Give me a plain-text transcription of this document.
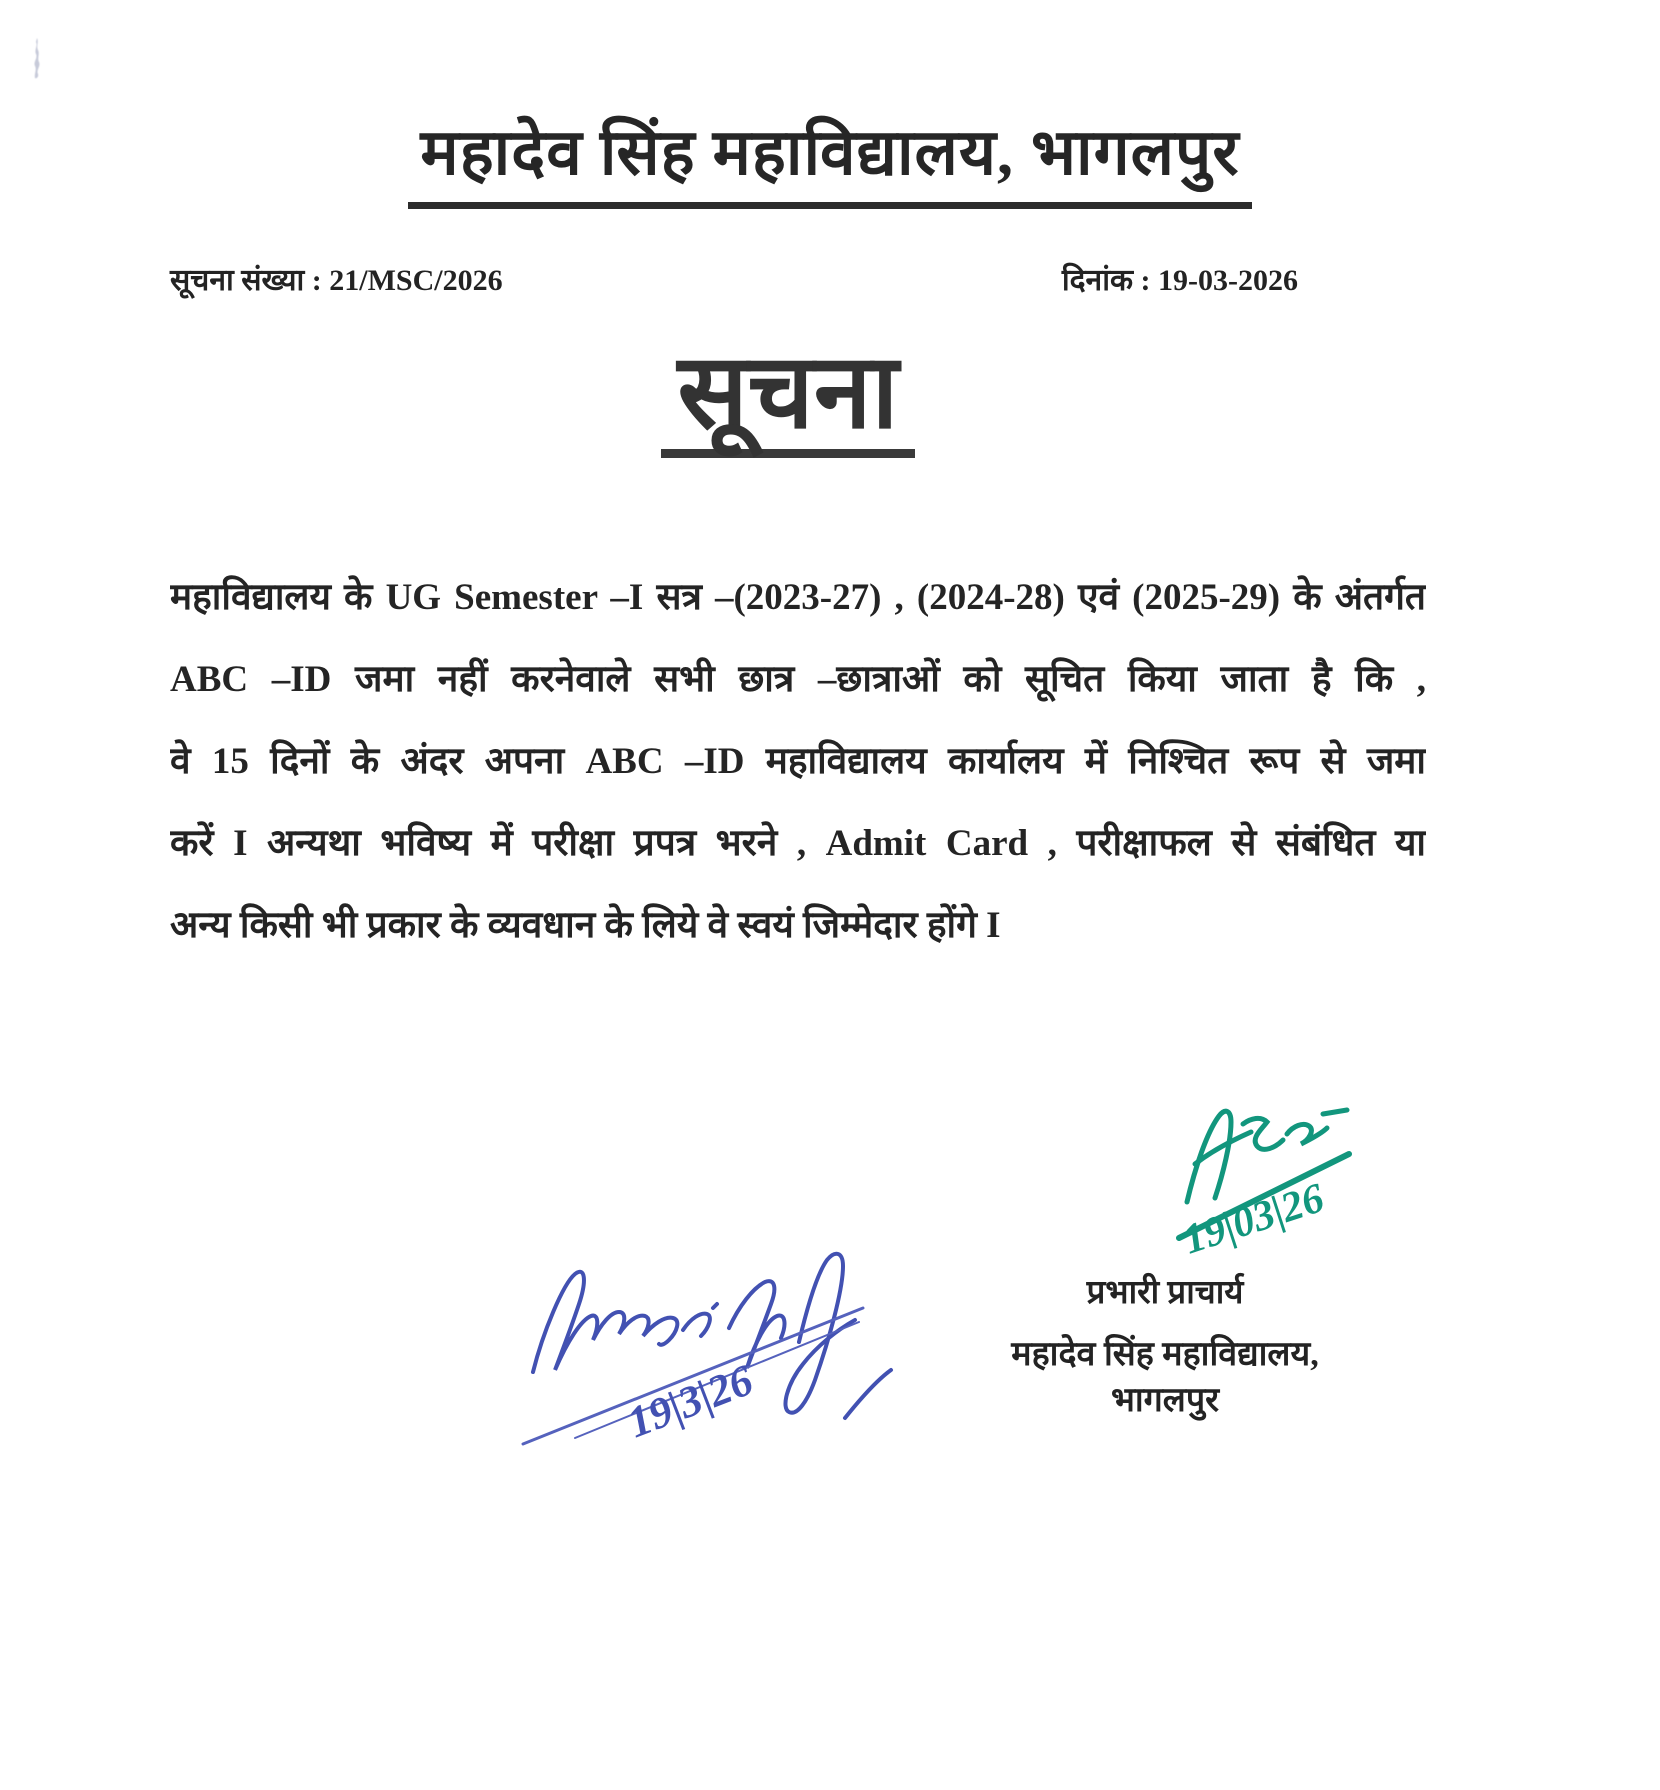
महादेव सिंह महाविद्यालय, भागलपुर
सूचना संख्या : 21/MSC/2026	दिनांक : 19-03-2026
सूचना
महाविद्यालय के UG Semester –I सत्र –(2023-27) , (2024-28) एवं (2025-29) के अंतर्गत
ABC –ID जमा नहीं करनेवाले सभी छात्र –छात्राओं को सूचित किया जाता है कि ,
वे 15 दिनों के अंदर अपना ABC –ID महाविद्यालय कार्यालय में निश्चित रूप से जमा
करें I अन्यथा भविष्य में परीक्षा प्रपत्र भरने , Admit Card , परीक्षाफल से संबंधित या
अन्य किसी भी प्रकार के व्यवधान के लिये वे स्वयं जिम्मेदार होंगे I
19|3|26
19|03|26
प्रभारी प्राचार्य
महादेव सिंह महाविद्यालय, भागलपुर
